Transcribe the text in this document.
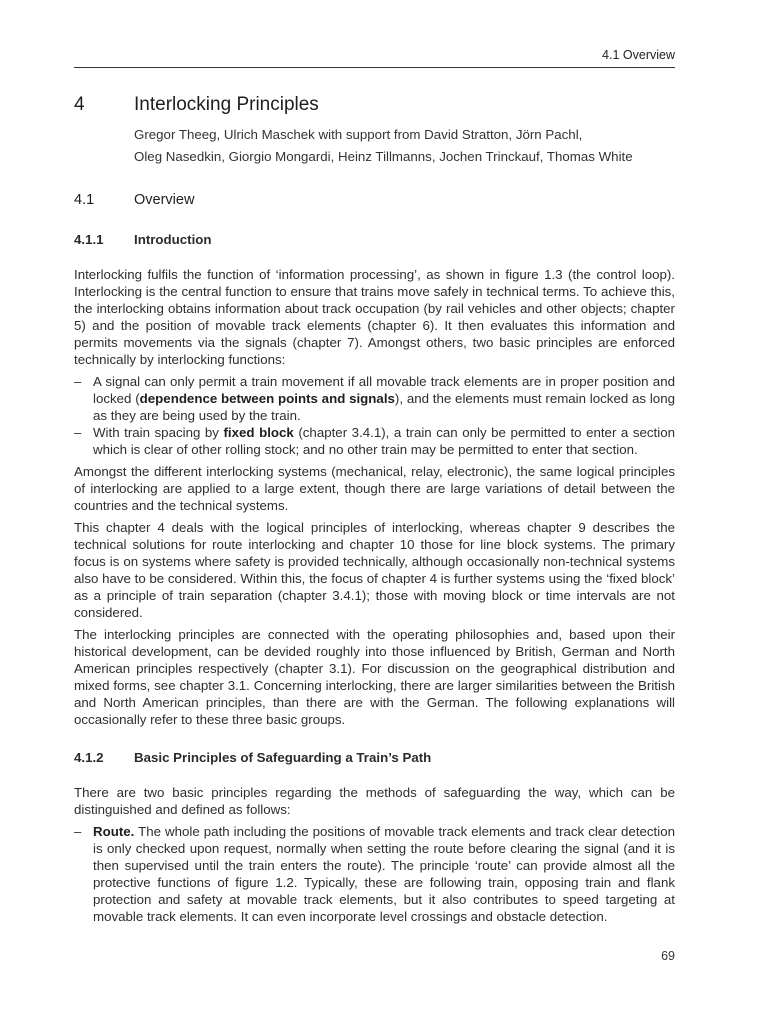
4.1 Overview
4	Interlocking Principles
Gregor Theeg, Ulrich Maschek with support from David Stratton, Jörn Pachl,
Oleg Nasedkin, Giorgio Mongardi, Heinz Tillmanns, Jochen Trinckauf, Thomas White
4.1	Overview
4.1.1 Introduction

Interlocking fulfils the function of ‘information processing’, as shown in figure 1.3 (the control loop). Interlocking is the central function to ensure that trains move safely in technical terms. To achieve this, the interlocking obtains information about track occupation (by rail vehicles and other objects; chapter 5) and the position of movable track elements (chapter 6). It then evaluates this information and permits movements via the signals (chapter 7). Amongst others, two basic principles are enforced technically by interlocking functions:

– A signal can only permit a train movement if all movable track elements are in proper position and locked (dependence between points and signals), and the elements must remain locked as long as they are being used by the train.
– With train spacing by fixed block (chapter 3.4.1), a train can only be permitted to enter a section which is clear of other rolling stock; and no other train may be permitted to enter that section.

Amongst the different interlocking systems (mechanical, relay, electronic), the same logical principles of interlocking are applied to a large extent, though there are large variations of detail between the countries and the technical systems.

This chapter 4 deals with the logical principles of interlocking, whereas chapter 9 describes the technical solutions for route interlocking and chapter 10 those for line block systems. The primary focus is on systems where safety is provided technically, although occasionally non-technical systems also have to be considered. Within this, the focus of chapter 4 is further systems using the ‘fixed block’ as a principle of train separation (chapter 3.4.1); those with moving block or time intervals are not considered.

The interlocking principles are connected with the operating philosophies and, based upon their historical development, can be devided roughly into those influenced by British, German and North American principles respectively (chapter 3.1). For discussion on the geographical distribution and mixed forms, see chapter 3.1. Concerning interlocking, there are larger similarities between the British and North American principles, than there are with the German. The following explanations will occasionally refer to these three basic groups.

4.1.2 Basic Principles of Safeguarding a Train’s Path

There are two basic principles regarding the methods of safeguarding the way, which can be distinguished and defined as follows:

– Route. The whole path including the positions of movable track elements and track clear detection is only checked upon request, normally when setting the route before clearing the signal (and it is then supervised until the train enters the route). The principle ‘route’ can provide almost all the protective functions of figure 1.2. Typically, these are following train, opposing train and flank protection and safety at movable track elements, but it also contributes to speed targeting at movable track elements. It can even incorporate level crossings and obstacle detection.
69
